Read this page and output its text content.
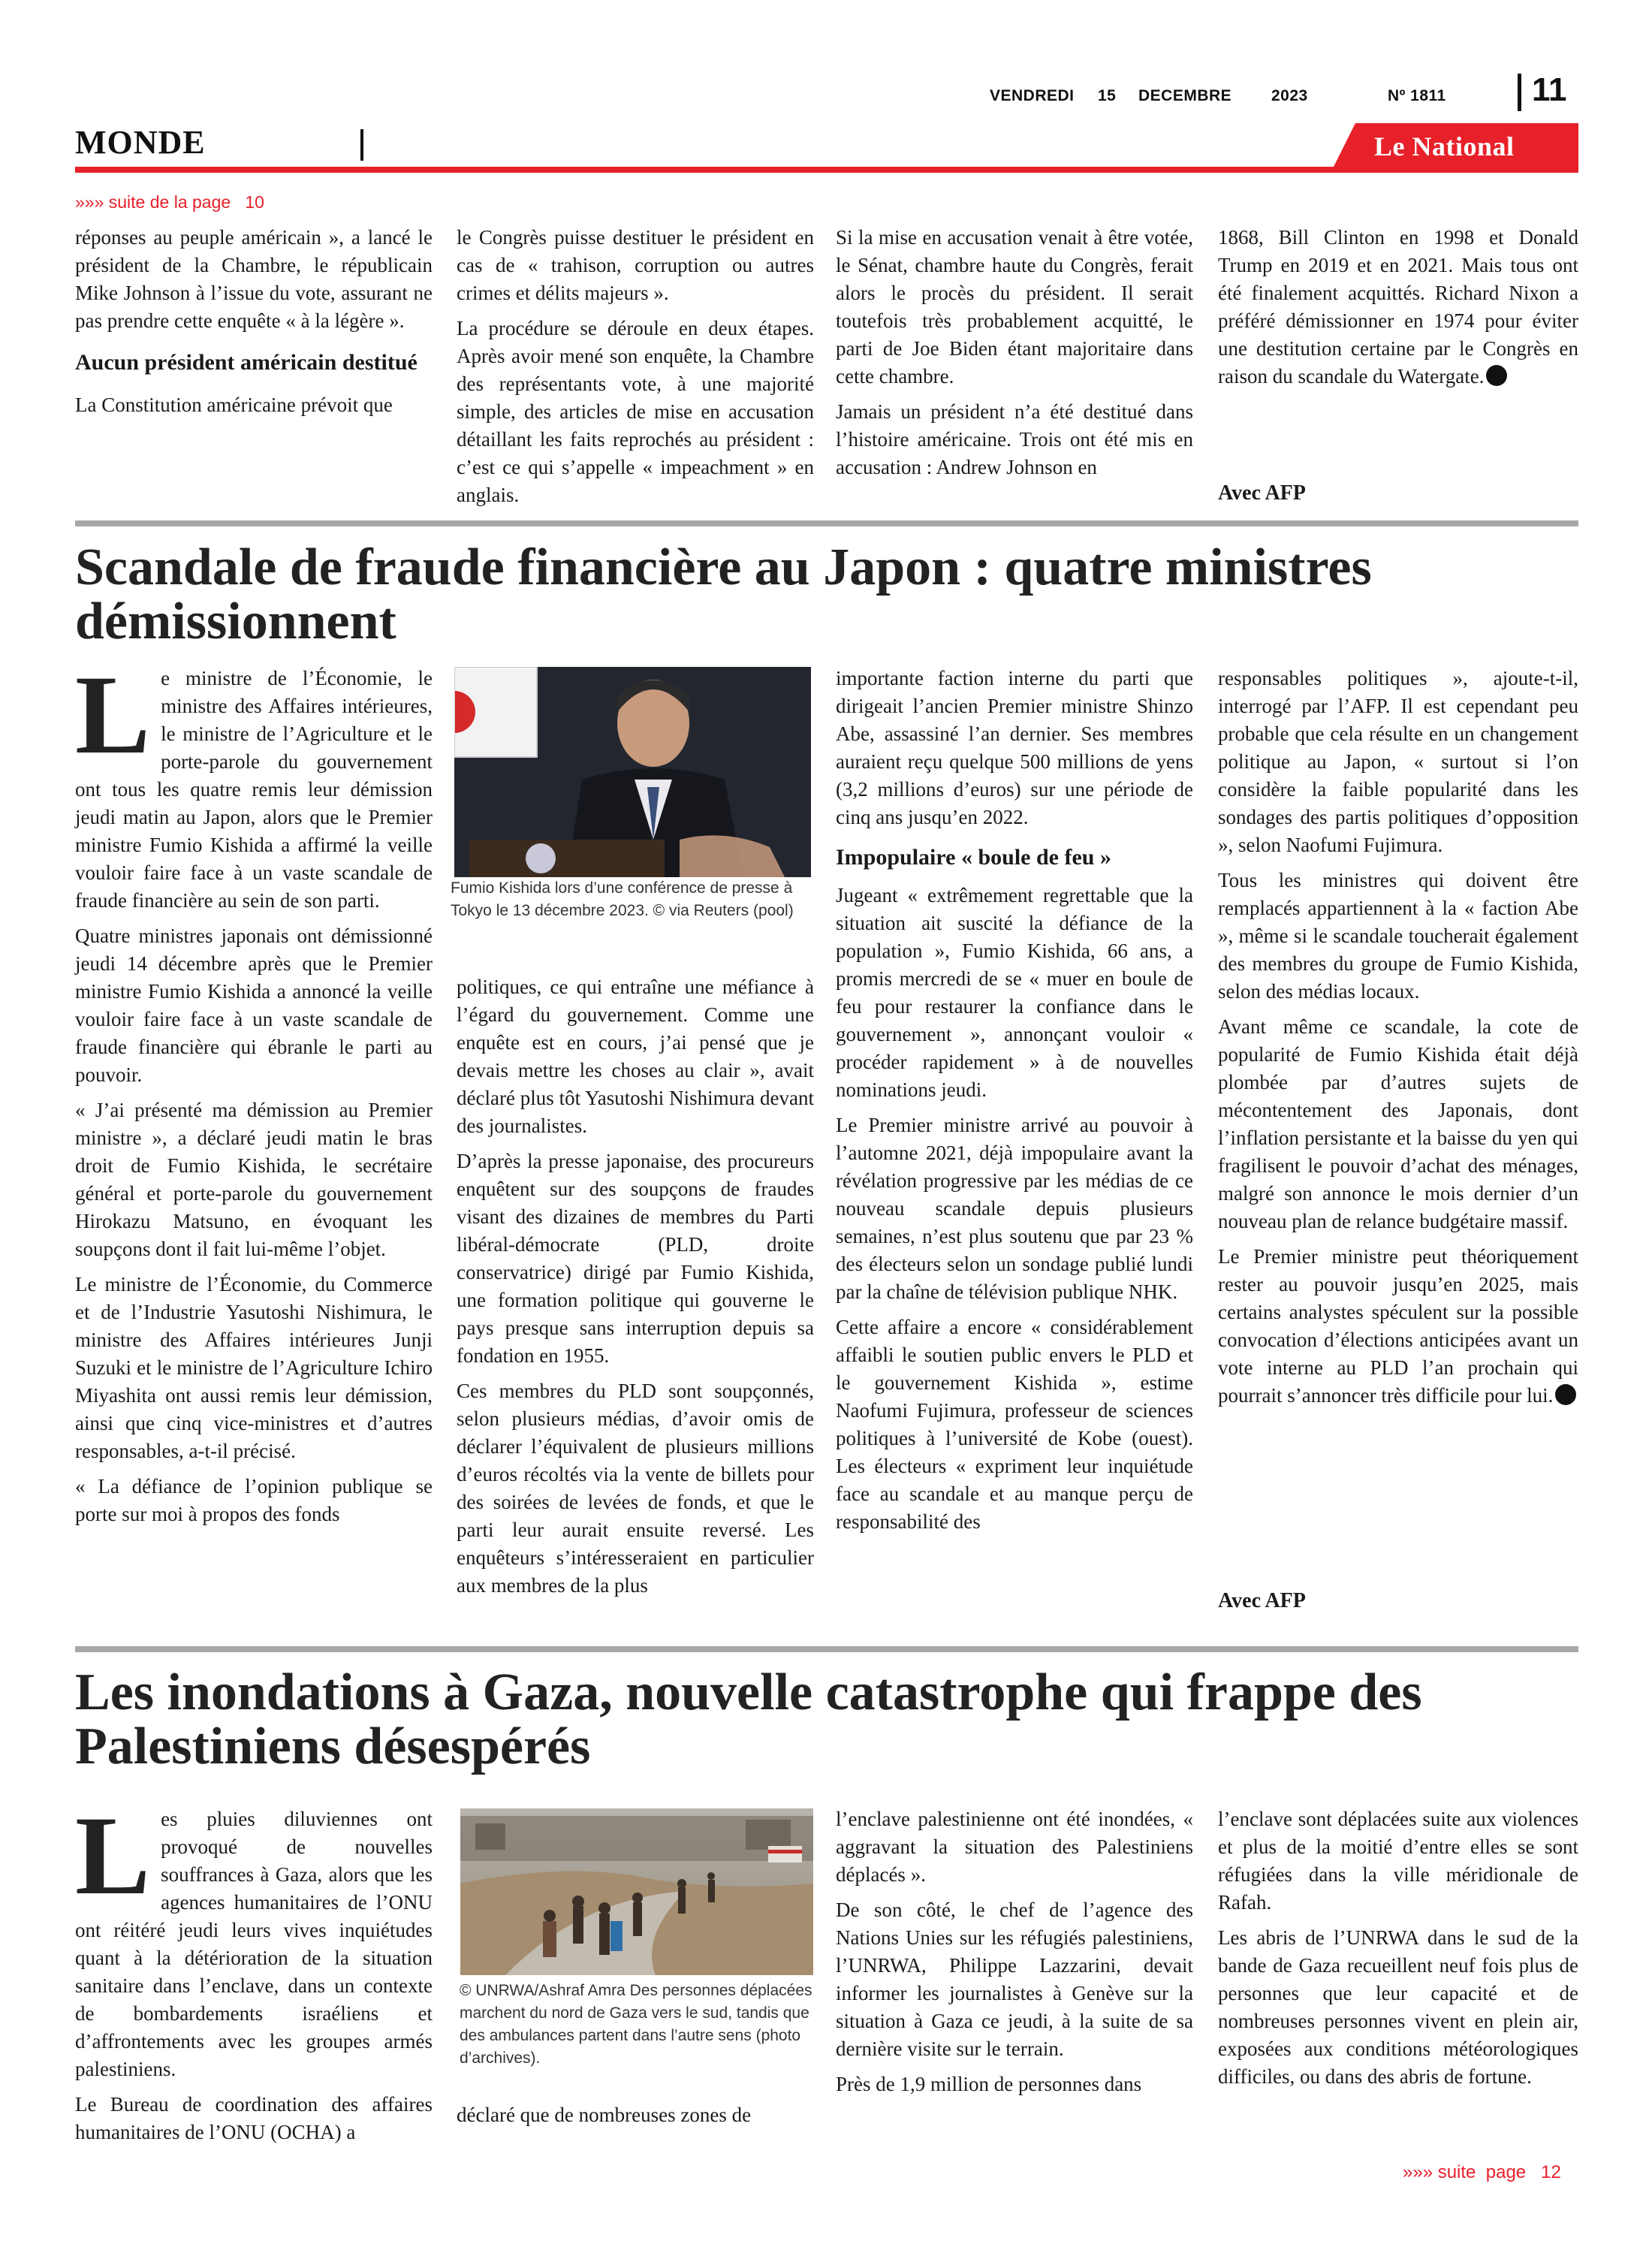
VENDREDI 15 DECEMBRE	2023	Nº 1811	11
MONDE	Le National
»»» suite de la page   10

réponses au peuple américain », a lancé le président de la Chambre, le républicain Mike Johnson à l’issue du vote, assurant ne pas prendre cette enquête « à la légère ».

Aucun président américain destitué

La Constitution américaine prévoit que

le Congrès puisse destituer le président en cas de « trahison, corruption ou autres crimes et délits majeurs ».

La procédure se déroule en deux étapes. Après avoir mené son enquête, la Chambre des représentants vote, à une majorité simple, des articles de mise en accusation détaillant les faits reprochés au président : c’est ce qui s’appelle « impeachment » en anglais.

Si la mise en accusation venait à être votée, le Sénat, chambre haute du Congrès, ferait alors le procès du président. Il serait toutefois très probablement acquitté, le parti de Joe Biden étant majoritaire dans cette chambre.

Jamais un président n’a été destitué dans l’histoire américaine. Trois ont été mis en accusation : Andrew Johnson en

1868, Bill Clinton en 1998 et Donald Trump en 2019 et en 2021. Mais tous ont été finalement acquittés. Richard Nixon a préféré démissionner en 1974 pour éviter une destitution certaine par le Congrès en raison du scandale du Watergate.

Avec AFP
Scandale de fraude financière au Japon : quatre ministres démissionnent

Le ministre de l’Économie, le ministre des Affaires intérieures, le ministre de l’Agriculture et le porte-parole du gouvernement ont tous les quatre remis leur démission jeudi matin au Japon, alors que le Premier ministre Fumio Kishida a affirmé la veille vouloir faire face à un vaste scandale de fraude financière au sein de son parti.

Quatre ministres japonais ont démissionné jeudi 14 décembre après que le Premier ministre Fumio Kishida a annoncé la veille vouloir faire face à un vaste scandale de fraude financière qui ébranle le parti au pouvoir.

« J’ai présenté ma démission au Premier ministre », a déclaré jeudi matin le bras droit de Fumio Kishida, le secrétaire général et porte-parole du gouvernement Hirokazu Matsuno, en évoquant les soupçons dont il fait lui-même l’objet.

Le ministre de l’Économie, du Commerce et de l’Industrie Yasutoshi Nishimura, le ministre des Affaires intérieures Junji Suzuki et le ministre de l’Agriculture Ichiro Miyashita ont aussi remis leur démission, ainsi que cinq vice-ministres et d’autres responsables, a-t-il précisé.

« La défiance de l’opinion publique se porte sur moi à propos des fonds

Fumio Kishida lors d’une conférence de presse à Tokyo le 13 décembre 2023. © via Reuters (pool)

politiques, ce qui entraîne une méfiance à l’égard du gouvernement. Comme une enquête est en cours, j’ai pensé que je devais mettre les choses au clair », avait déclaré plus tôt Yasutoshi Nishimura devant des journalistes.

D’après la presse japonaise, des procureurs enquêtent sur des soupçons de fraudes visant des dizaines de membres du Parti libéral-démocrate (PLD, droite conservatrice) dirigé par Fumio Kishida, une formation politique qui gouverne le pays presque sans interruption depuis sa fondation en 1955.

Ces membres du PLD sont soupçonnés, selon plusieurs médias, d’avoir omis de déclarer l’équivalent de plusieurs millions d’euros récoltés via la vente de billets pour des soirées de levées de fonds, et que le parti leur aurait ensuite reversé. Les enquêteurs s’intéresseraient en particulier aux membres de la plus

importante faction interne du parti que dirigeait l’ancien Premier ministre Shinzo Abe, assassiné l’an dernier. Ses membres auraient reçu quelque 500 millions de yens (3,2 millions d’euros) sur une période de cinq ans jusqu’en 2022.

Impopulaire « boule de feu »

Jugeant « extrêmement regrettable que la situation ait suscité la défiance de la population », Fumio Kishida, 66 ans, a promis mercredi de se « muer en boule de feu pour restaurer la confiance dans le gouvernement », annonçant vouloir « procéder rapidement » à de nouvelles nominations jeudi.

Le Premier ministre arrivé au pouvoir à l’automne 2021, déjà impopulaire avant la révélation progressive par les médias de ce nouveau scandale depuis plusieurs semaines, n’est plus soutenu que par 23 % des électeurs selon un sondage publié lundi par la chaîne de télévision publique NHK.

Cette affaire a encore « considérablement affaibli le soutien public envers le PLD et le gouvernement Kishida », estime Naofumi Fujimura, professeur de sciences politiques à l’université de Kobe (ouest). Les électeurs « expriment leur inquiétude face au scandale et au manque perçu de responsabilité des

responsables politiques », ajoute-t-il, interrogé par l’AFP. Il est cependant peu probable que cela résulte en un changement politique au Japon, « surtout si l’on considère la faible popularité dans les sondages des partis politiques d’opposition », selon Naofumi Fujimura.

Tous les ministres qui doivent être remplacés appartiennent à la « faction Abe », même si le scandale toucherait également des membres du groupe de Fumio Kishida, selon des médias locaux.

Avant même ce scandale, la cote de popularité de Fumio Kishida était déjà plombée par d’autres sujets de mécontentement des Japonais, dont l’inflation persistante et la baisse du yen qui fragilisent le pouvoir d’achat des ménages, malgré son annonce le mois dernier d’un nouveau plan de relance budgétaire massif.

Le Premier ministre peut théoriquement rester au pouvoir jusqu’en 2025, mais certains analystes spéculent sur la possible convocation d’élections anticipées avant un vote interne au PLD l’an prochain qui pourrait s’annoncer très difficile pour lui.

Avec AFP
Les inondations à Gaza, nouvelle catastrophe qui frappe des Palestiniens désespérés

Les pluies diluviennes ont provoqué de nouvelles souffrances à Gaza, alors que les agences humanitaires de l’ONU ont réitéré jeudi leurs vives inquiétudes quant à la détérioration de la situation sanitaire dans l’enclave, dans un contexte de bombardements israéliens et d’affrontements avec les groupes armés palestiniens.

Le Bureau de coordination des affaires humanitaires de l’ONU (OCHA) a

© UNRWA/Ashraf Amra Des personnes déplacées marchent du nord de Gaza vers le sud, tandis que des ambulances partent dans l’autre sens (photo d’archives).

déclaré que de nombreuses zones de

l’enclave palestinienne ont été inondées, « aggravant la situation des Palestiniens déplacés ».

De son côté, le chef de l’agence des Nations Unies sur les réfugiés palestiniens, l’UNRWA, Philippe Lazzarini, devait informer les journalistes à Genève sur la situation à Gaza ce jeudi, à la suite de sa dernière visite sur le terrain.

Près de 1,9 million de personnes dans

l’enclave sont déplacées suite aux violences et plus de la moitié d’entre elles se sont réfugiées dans la ville méridionale de Rafah.

Les abris de l’UNRWA dans le sud de la bande de Gaza recueillent neuf fois plus de personnes que leur capacité et de nombreuses personnes vivent en plein air, exposées aux conditions météorologiques difficiles, ou dans des abris de fortune.

»»» suite  page   12
